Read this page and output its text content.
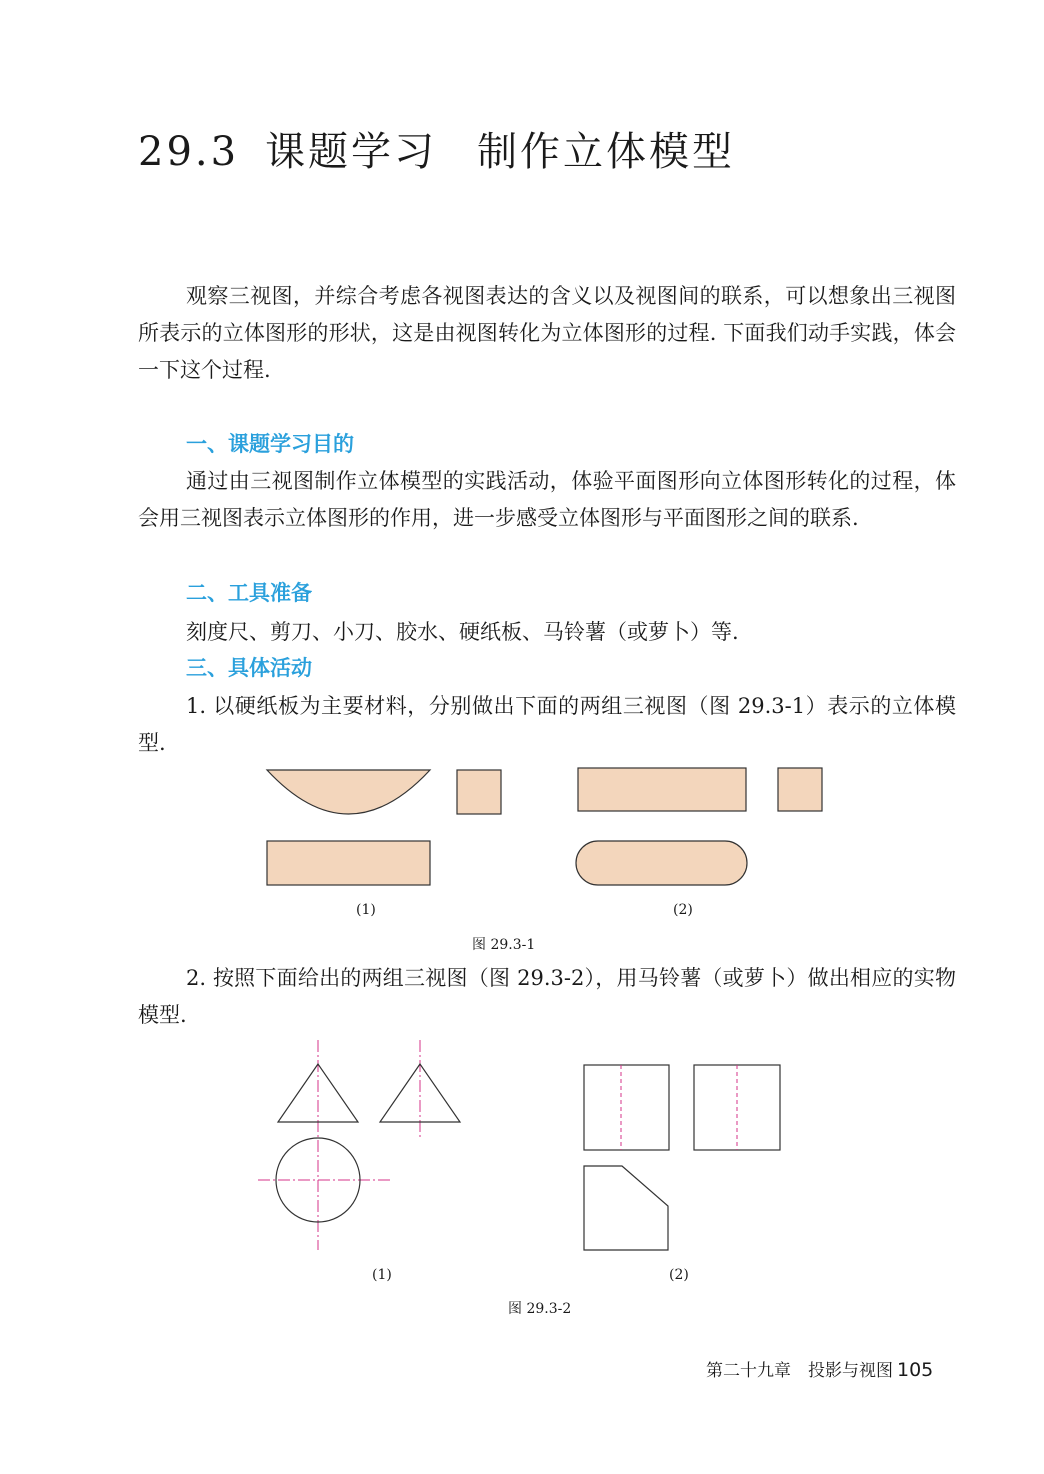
29.3 课题学习 制作立体模型
观察三视图，并综合考虑各视图表达的含义以及视图间的联系，可以想象出三视图所表示的立体图形的形状，这是由视图转化为立体图形的过程. 下面我们动手实践，体会一下这个过程.
一、课题学习目的
通过由三视图制作立体模型的实践活动，体验平面图形向立体图形转化的过程，体会用三视图表示立体图形的作用，进一步感受立体图形与平面图形之间的联系.
二、工具准备
刻度尺、剪刀、小刀、胶水、硬纸板、马铃薯（或萝卜）等.
三、具体活动
1. 以硬纸板为主要材料，分别做出下面的两组三视图（图 29.3-1）表示的立体模型.
(1)	(2)
图 29.3-1
2. 按照下面给出的两组三视图（图 29.3-2），用马铃薯（或萝卜）做出相应的实物模型.
(1)	(2)
图 29.3-2
第二十九章　投影与视图 105
